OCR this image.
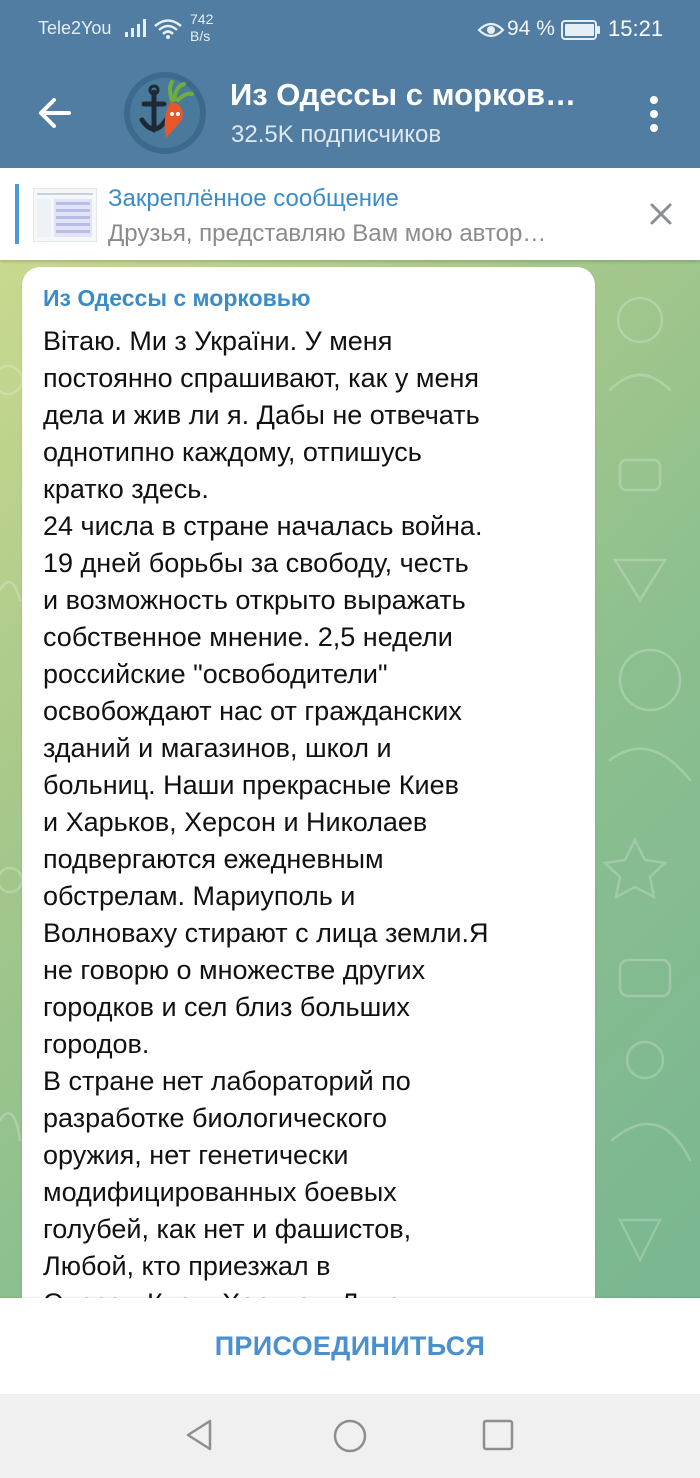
Tele2You	742
B/s	94 % 15:21
Из Одессы с морков…
32.5K подписчиков
Закреплённое сообщение
Друзья, представляю Вам мою автор…
Из Одессы с морковью
Вітаю. Ми з України. У меня
постоянно спрашивают, как у меня
дела и жив ли я. Дабы не отвечать
однотипно каждому, отпишусь
кратко здесь.
24 числа в стране началась война.
19 дней борьбы за свободу, честь
и возможность открыто выражать
собственное мнение. 2,5 недели
российские "освободители"
освобождают нас от гражданских
зданий и магазинов, школ и
больниц. Наши прекрасные Киев
и Харьков, Херсон и Николаев
подвергаются ежедневным
обстрелам. Мариуполь и
Волноваху стирают с лица земли.Я
не говорю о множестве других
городков и сел близ больших
городов.
В стране нет лабораторий по
разработке биологического
оружия, нет генетически
модифицированных боевых
голубей, как нет и фашистов,
Любой, кто приезжал в

ПРИСОЕДИНИТЬСЯ
